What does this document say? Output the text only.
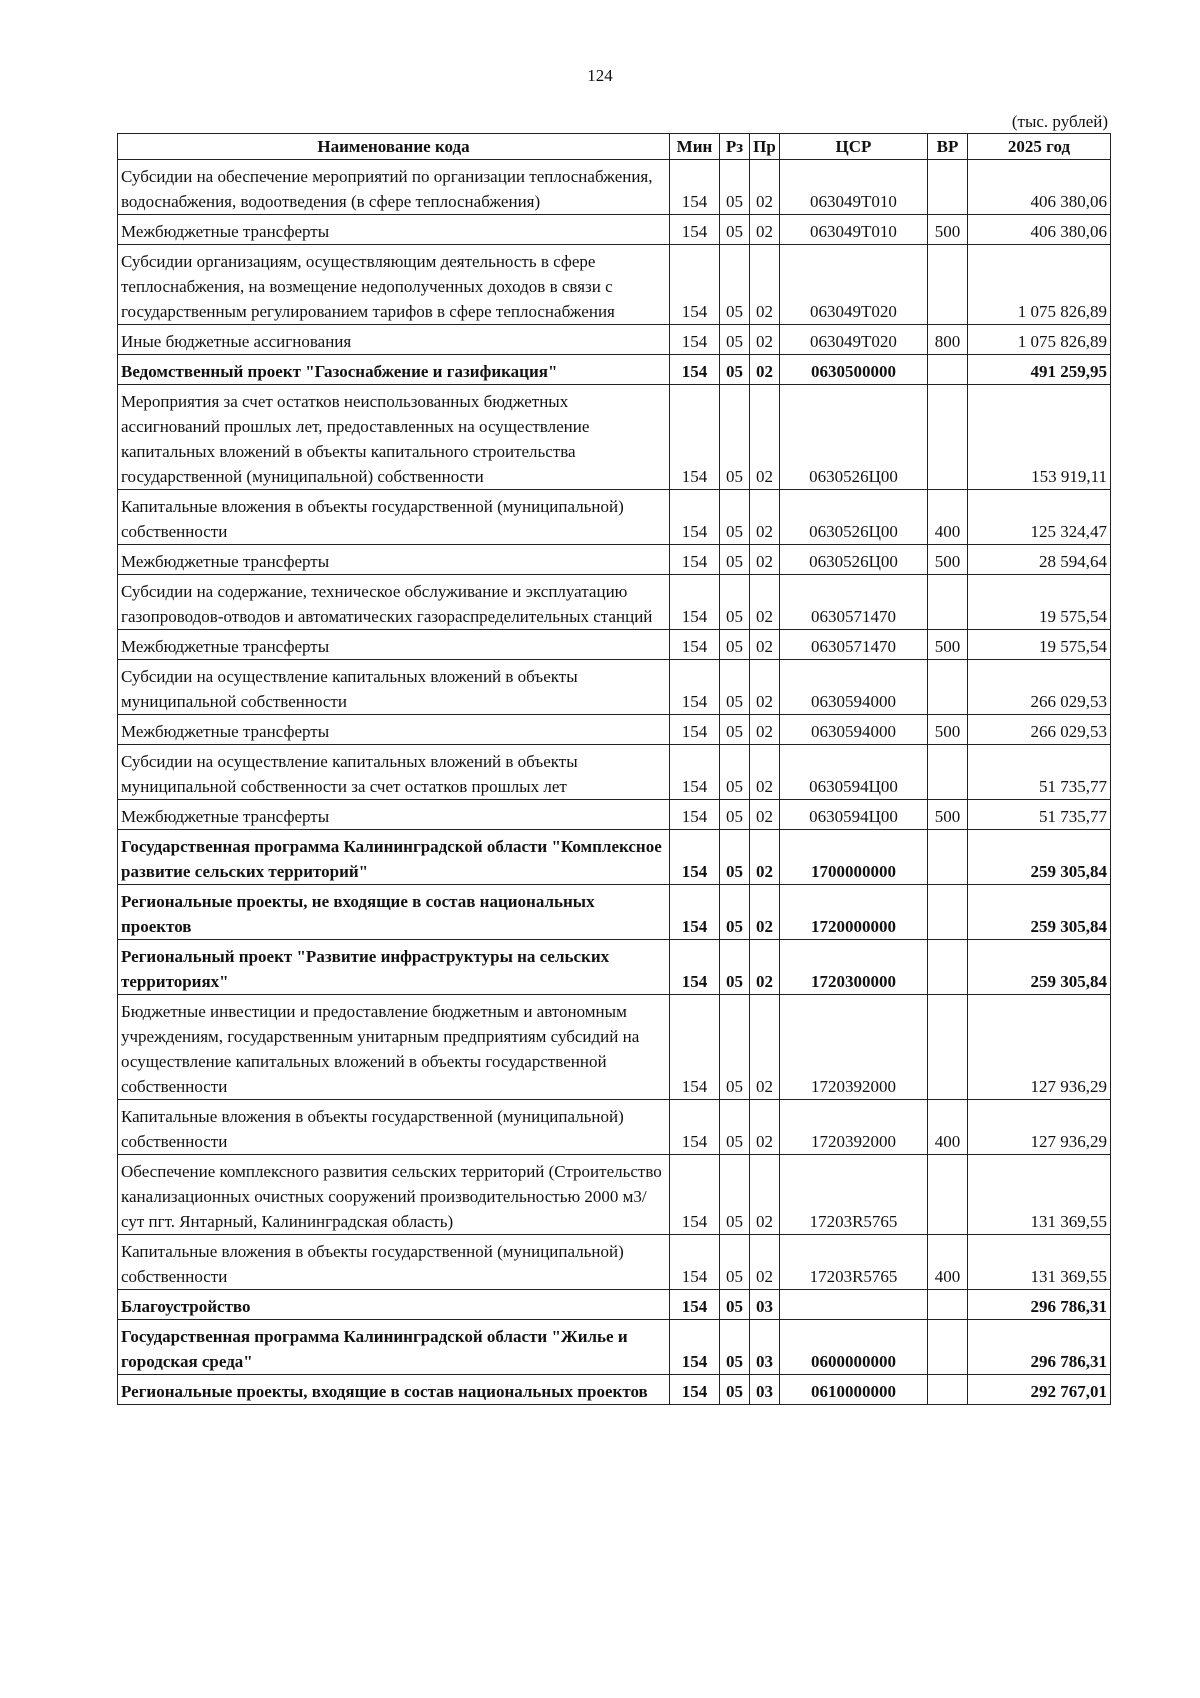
124
(тыс. рублей)
Наименование кода	Мин	Рз	Пр	ЦСР	ВР	2025 год
Субсидии на обеспечение мероприятий по организации теплоснабжения, водоснабжения, водоотведения (в сфере теплоснабжения)	154	05	02	063049Т010		406 380,06
Межбюджетные трансферты	154	05	02	063049Т010	500	406 380,06
Субсидии организациям, осуществляющим деятельность в сфере теплоснабжения, на возмещение недополученных доходов в связи с государственным регулированием тарифов в сфере теплоснабжения	154	05	02	063049Т020		1 075 826,89
Иные бюджетные ассигнования	154	05	02	063049Т020	800	1 075 826,89
Ведомственный проект "Газоснабжение и газификация"	154	05	02	0630500000		491 259,95
Мероприятия за счет остатков неиспользованных бюджетных ассигнований прошлых лет, предоставленных на осуществление капитальных вложений в объекты капитального строительства государственной (муниципальной) собственности	154	05	02	0630526Ц00		153 919,11
Капитальные вложения в объекты государственной (муниципальной) собственности	154	05	02	0630526Ц00	400	125 324,47
Межбюджетные трансферты	154	05	02	0630526Ц00	500	28 594,64
Субсидии на содержание, техническое обслуживание и эксплуатацию газопроводов-отводов и автоматических газораспределительных станций	154	05	02	0630571470		19 575,54
Межбюджетные трансферты	154	05	02	0630571470	500	19 575,54
Субсидии на осуществление капитальных вложений в объекты муниципальной собственности	154	05	02	0630594000		266 029,53
Межбюджетные трансферты	154	05	02	0630594000	500	266 029,53
Субсидии на осуществление капитальных вложений в объекты муниципальной собственности за счет остатков прошлых лет	154	05	02	0630594Ц00		51 735,77
Межбюджетные трансферты	154	05	02	0630594Ц00	500	51 735,77
Государственная программа Калининградской области "Комплексное развитие сельских территорий"	154	05	02	1700000000		259 305,84
Региональные проекты, не входящие в состав национальных проектов	154	05	02	1720000000		259 305,84
Региональный проект "Развитие инфраструктуры на сельских территориях"	154	05	02	1720300000		259 305,84
Бюджетные инвестиции и предоставление бюджетным и автономным учреждениям, государственным унитарным предприятиям субсидий на осуществление капитальных вложений в объекты государственной собственности	154	05	02	1720392000		127 936,29
Капитальные вложения в объекты государственной (муниципальной) собственности	154	05	02	1720392000	400	127 936,29
Обеспечение комплексного развития сельских территорий (Строительство канализационных очистных сооружений производительностью 2000 м3/сут пгт. Янтарный, Калининградская область)	154	05	02	17203R5765		131 369,55
Капитальные вложения в объекты государственной (муниципальной) собственности	154	05	02	17203R5765	400	131 369,55
Благоустройство	154	05	03			296 786,31
Государственная программа Калининградской области "Жилье и городская среда"	154	05	03	0600000000		296 786,31
Региональные проекты, входящие в состав национальных проектов	154	05	03	0610000000		292 767,01
